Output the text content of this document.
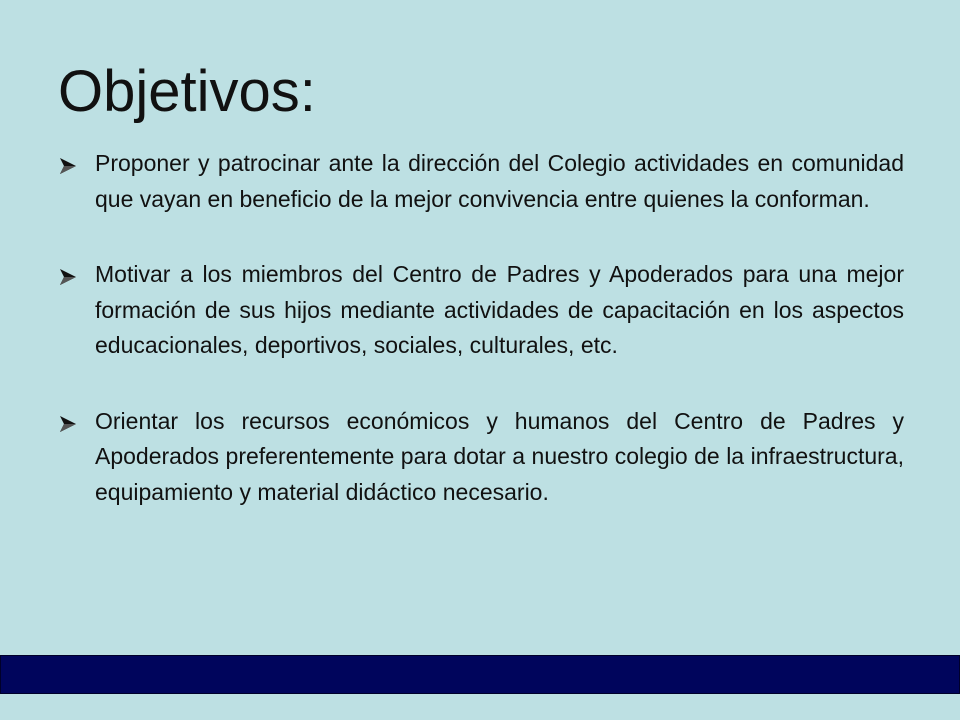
Objetivos:

Proponer y patrocinar ante la dirección del Colegio actividades en comunidad que vayan en beneficio de la mejor convivencia entre quienes la conforman.

Motivar a los miembros del Centro de Padres y Apoderados para una mejor formación de sus hijos mediante actividades de capacitación en los aspectos educacionales, deportivos, sociales, culturales, etc.

Orientar los recursos económicos y humanos del Centro de Padres y Apoderados preferentemente para dotar a nuestro colegio de la infraestructura, equipamiento y material didáctico necesario.
